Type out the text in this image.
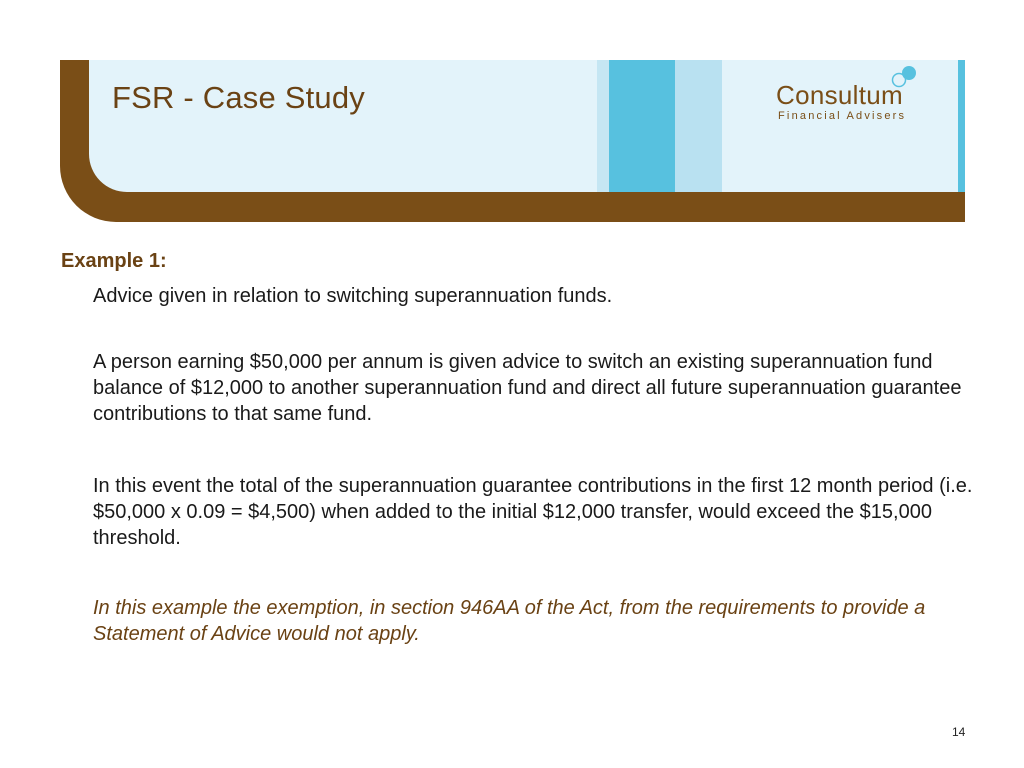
FSR - Case Study	Consultum
Financial Advisers
Example 1:
Advice given in relation to switching superannuation funds.
A person earning $50,000 per annum is given advice to switch an existing superannuation fund balance of $12,000 to another superannuation fund and direct all future superannuation guarantee contributions to that same fund.
In this event the total of the superannuation guarantee contributions in the first 12 month period (i.e. $50,000 x 0.09 = $4,500) when added to the initial $12,000 transfer, would exceed the $15,000 threshold.
In this example the exemption, in section 946AA of the Act, from the requirements to provide a Statement of Advice would not apply.
14
